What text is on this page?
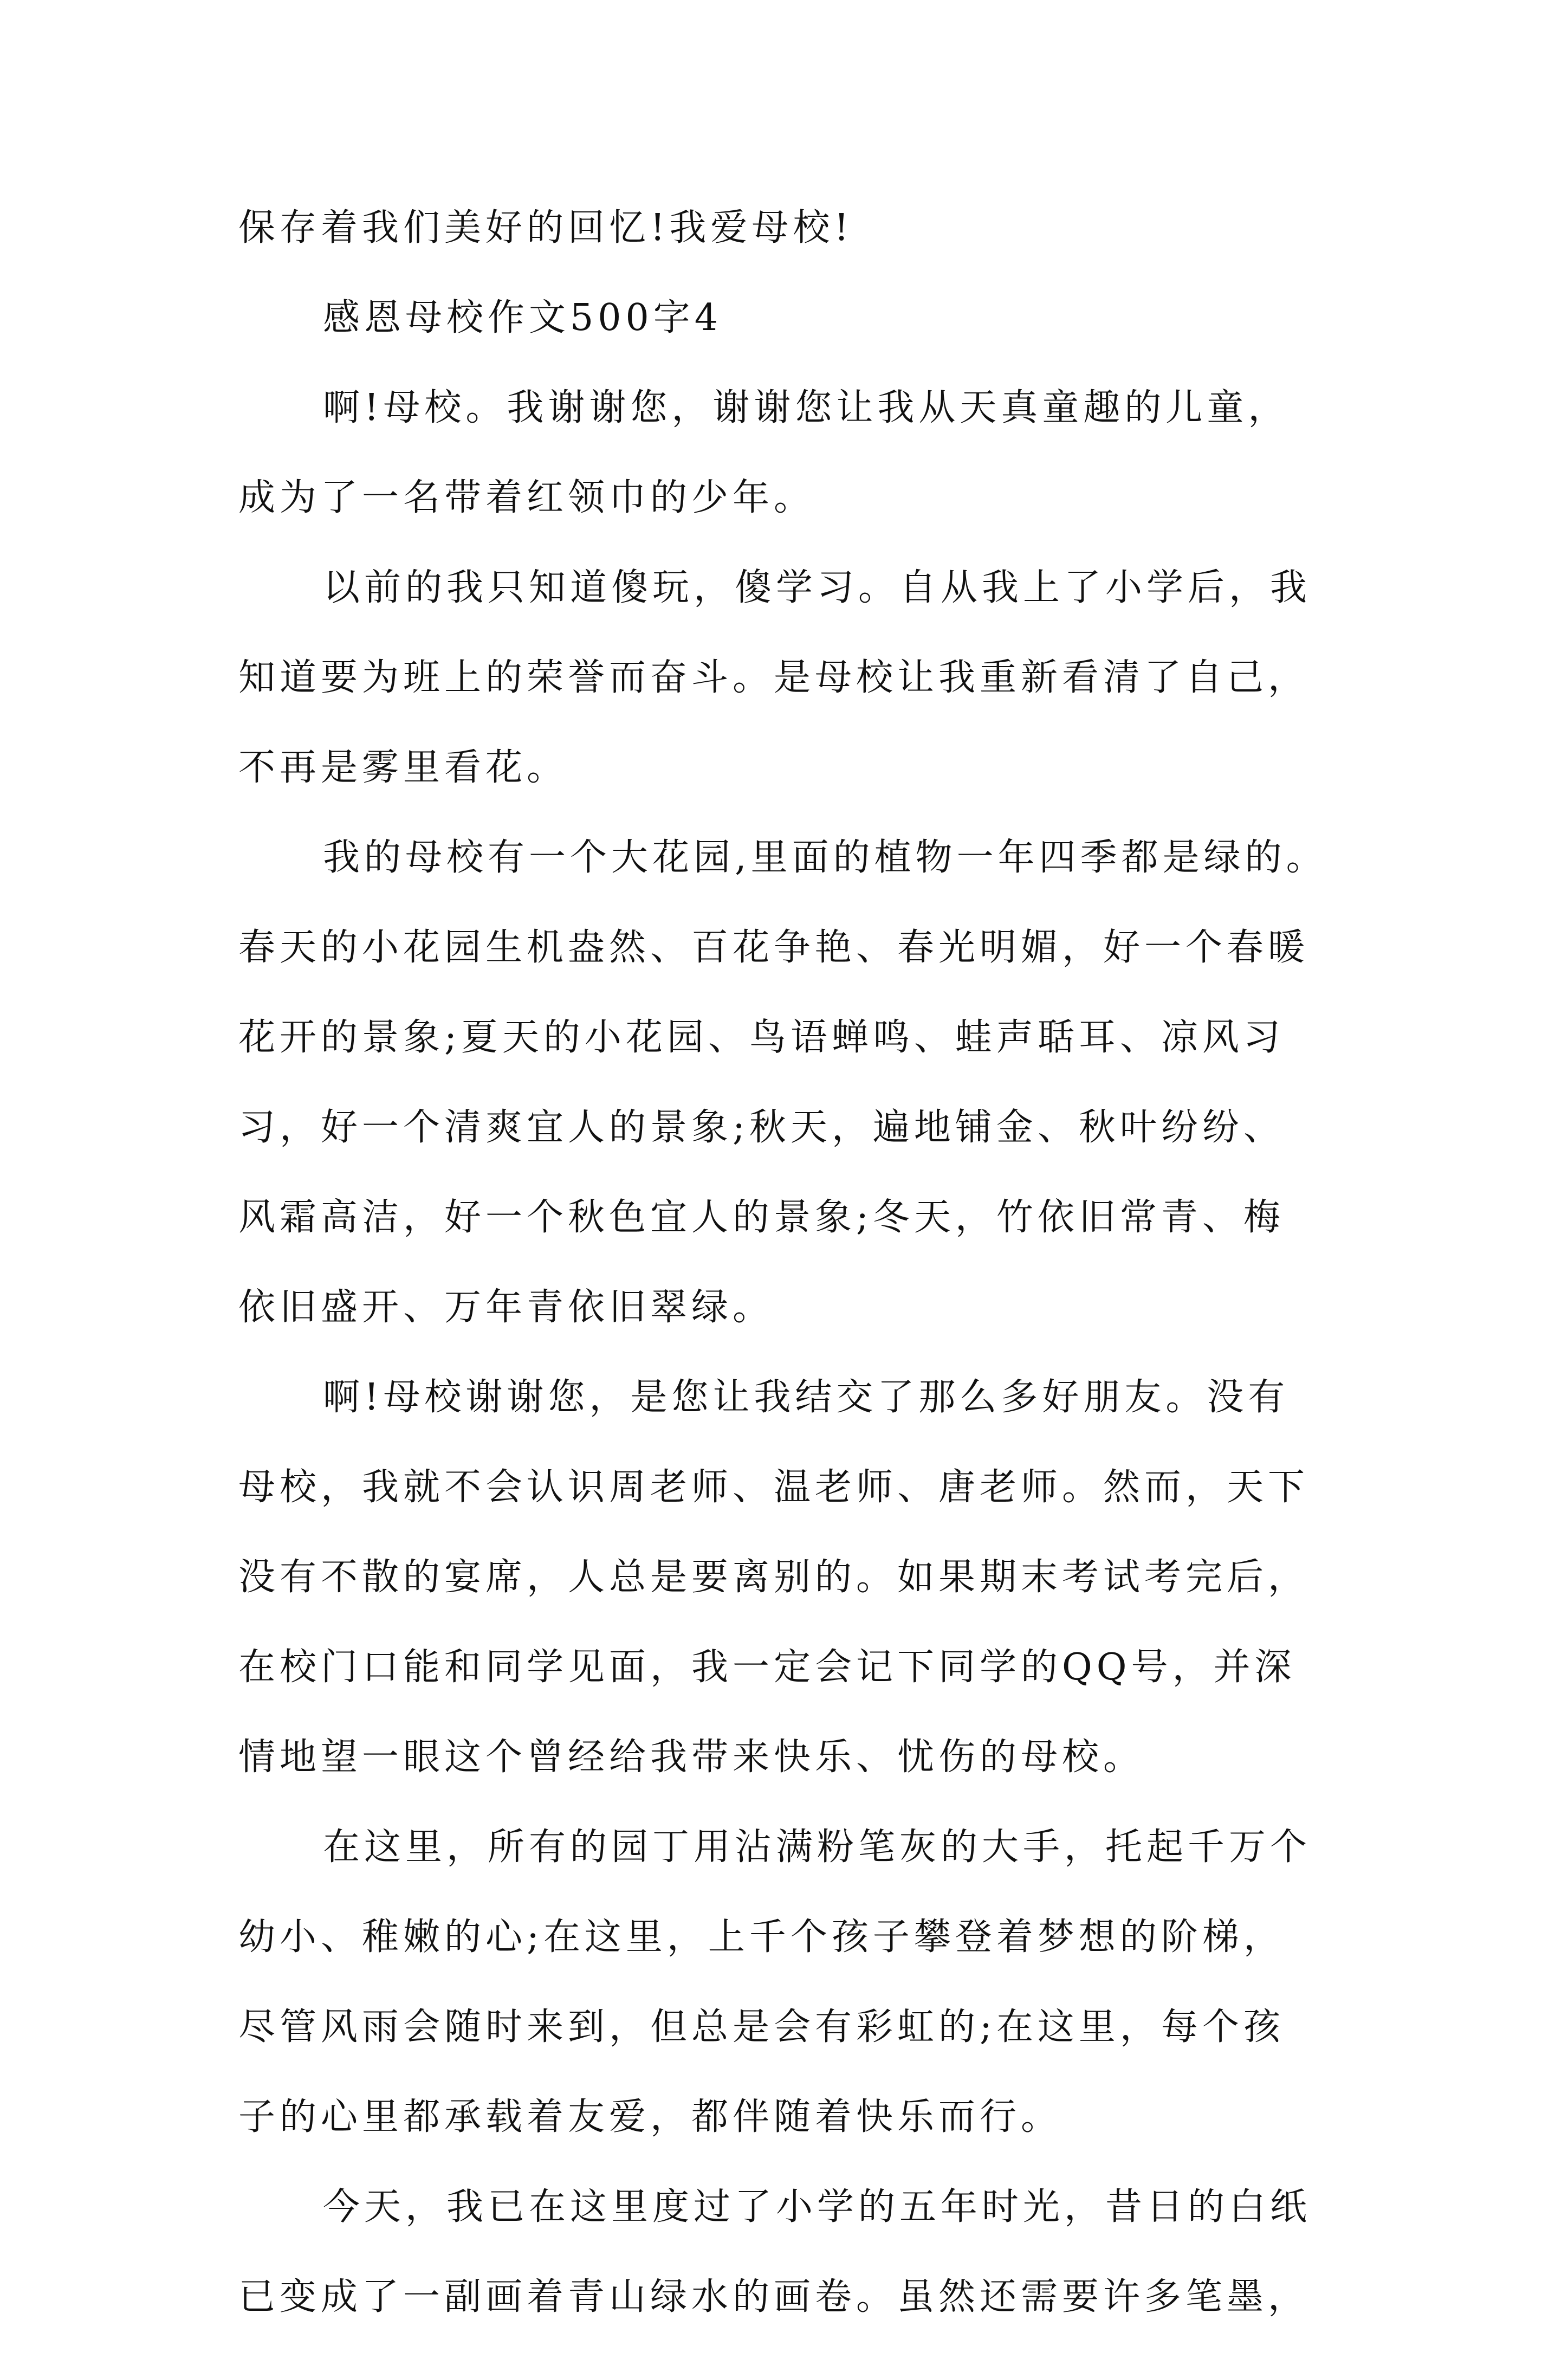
保存着我们美好的回忆!我爱母校!
感恩母校作文500字4
啊!母校。我谢谢您，谢谢您让我从天真童趣的儿童，
成为了一名带着红领巾的少年。
以前的我只知道傻玩，傻学习。自从我上了小学后，我
知道要为班上的荣誉而奋斗。是母校让我重新看清了自己，
不再是雾里看花。
我的母校有一个大花园,里面的植物一年四季都是绿的。
春天的小花园生机盎然、百花争艳、春光明媚，好一个春暖
花开的景象;夏天的小花园、鸟语蝉鸣、蛙声聒耳、凉风习
习，好一个清爽宜人的景象;秋天，遍地铺金、秋叶纷纷、
风霜高洁，好一个秋色宜人的景象;冬天，竹依旧常青、梅
依旧盛开、万年青依旧翠绿。
啊!母校谢谢您，是您让我结交了那么多好朋友。没有
母校，我就不会认识周老师、温老师、唐老师。然而，天下
没有不散的宴席，人总是要离别的。如果期末考试考完后，
在校门口能和同学见面，我一定会记下同学的QQ号，并深
情地望一眼这个曾经给我带来快乐、忧伤的母校。
在这里，所有的园丁用沾满粉笔灰的大手，托起千万个
幼小、稚嫩的心;在这里，上千个孩子攀登着梦想的阶梯，
尽管风雨会随时来到，但总是会有彩虹的;在这里，每个孩
子的心里都承载着友爱，都伴随着快乐而行。
今天，我已在这里度过了小学的五年时光，昔日的白纸
已变成了一副画着青山绿水的画卷。虽然还需要许多笔墨，
